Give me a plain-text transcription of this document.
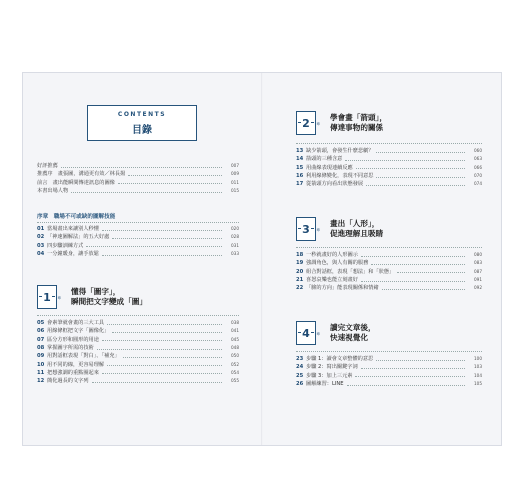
CONTENTS
目錄
好評推薦	007
推薦序　畫張圖，溝通更有效／林長揚	009
前言　畫出能瞬間傳達訊息的圖像	011
本書出場人物	015
序章　職場不可或缺的圖解技能
01 當場畫出來讓別人秒懂	020
02 「神速圖解法」的五大好處	028
03 四步驟訓練方式	031
04 一分鐘暖身，讓手放鬆	033
1 章
懂得「圖字」，
瞬間把文字變成「圖」
05 會素筆就會畫的三大工具	038
06 用線條框把文字「圖像化」	041
07 區分方形和圓形的用途	045
08 掌握圖字所需的技術	048
09 用對話框表現「對白」、「補充」	050
10 用不同的線，更容易理解	052
11 把想強調的重點圈起來	054
12 簡化過長的文字列	055
2 章
學會畫「箭頭」，
傳達事物的關係
13 缺少箭頭，會發生什麼悲劇？	060
14 箭頭的三種含意	063
15 用曲線表現連續反應	066
16 利用線條變化，表現不同意思	070
17 從箭頭方向看出狀態發展	074
3 章
畫出「人形」，
促進理解且吸睛
18 一秒就畫好的人形圖示	080
19 強調角色，與人有關的服務	083
20 組合對話框，表現「想法」和「狀態」	087
21 喜怒哀樂也能立刻畫好	091
22 「臉的方向」能表現關係和情緒	092
4 章
讀完文章後，
快速視覺化
23 步驟 1：讀會文章整體的意思	100
24 步驟 2：寫出關鍵字詞	103
25 步驟 3：加上三元素	104
26 圖解練習：LINE	105
